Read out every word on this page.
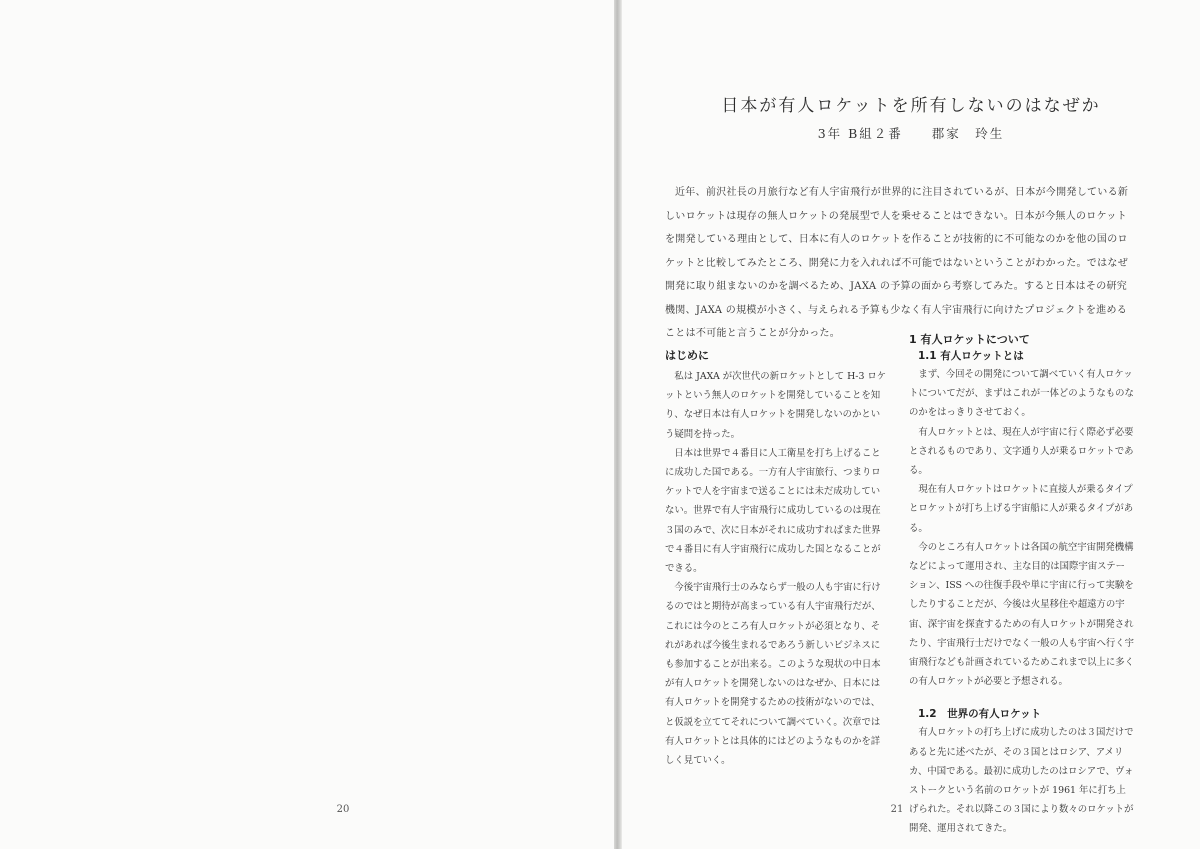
日本が有人ロケットを所有しないのはなぜか
3年 B組２番　　郡家　玲生

近年、前沢社長の月旅行など有人宇宙飛行が世界的に注目されているが、日本が今開発している新しいロケットは現存の無人ロケットの発展型で人を乗せることはできない。日本が今無人のロケットを開発している理由として、日本に有人のロケットを作ることが技術的に不可能なのかを他の国のロケットと比較してみたところ、開発に力を入れれば不可能ではないということがわかった。ではなぜ開発に取り組まないのかを調べるため、JAXA の予算の面から考察してみた。すると日本はその研究機関、JAXA の規模が小さく、与えられる予算も少なく有人宇宙飛行に向けたプロジェクトを進めることは不可能と言うことが分かった。

はじめに

私は JAXA が次世代の新ロケットとして H-3 ロケットという無人のロケットを開発していることを知り、なぜ日本は有人ロケットを開発しないのかという疑問を持った。

日本は世界で４番目に人工衛星を打ち上げることに成功した国である。一方有人宇宙旅行、つまりロケットで人を宇宙まで送ることには未だ成功していない。世界で有人宇宙飛行に成功しているのは現在３国のみで、次に日本がそれに成功すればまた世界で４番目に有人宇宙飛行に成功した国となることができる。

今後宇宙飛行士のみならず一般の人も宇宙に行けるのではと期待が高まっている有人宇宙飛行だが、これには今のところ有人ロケットが必須となり、それがあれば今後生まれるであろう新しいビジネスにも参加することが出来る。このような現状の中日本が有人ロケットを開発しないのはなぜか、日本には有人ロケットを開発するための技術がないのでは、と仮説を立ててそれについて調べていく。次章では有人ロケットとは具体的にはどのようなものかを詳しく見ていく。

1 有人ロケットについて
1.1 有人ロケットとは

まず、今回その開発について調べていく有人ロケットについてだが、まずはこれが一体どのようなものなのかをはっきりさせておく。

有人ロケットとは、現在人が宇宙に行く際必ず必要とされるものであり、文字通り人が乗るロケットである。

現在有人ロケットはロケットに直接人が乗るタイプとロケットが打ち上げる宇宙船に人が乗るタイプがある。

今のところ有人ロケットは各国の航空宇宙開発機構などによって運用され、主な目的は国際宇宙ステーション、ISS への往復手段や単に宇宙に行って実験をしたりすることだが、今後は火星移住や超遠方の宇宙、深宇宙を探査するための有人ロケットが開発されたり、宇宙飛行士だけでなく一般の人も宇宙へ行く宇宙飛行なども計画されているためこれまで以上に多くの有人ロケットが必要と予想される。

1.2　世界の有人ロケット

有人ロケットの打ち上げに成功したのは３国だけであると先に述べたが、その３国とはロシア、アメリカ、中国である。最初に成功したのはロシアで、ヴォストークという名前のロケットが 1961 年に打ち上げられた。それ以降この３国により数々のロケットが開発、運用されてきた。

20	21
